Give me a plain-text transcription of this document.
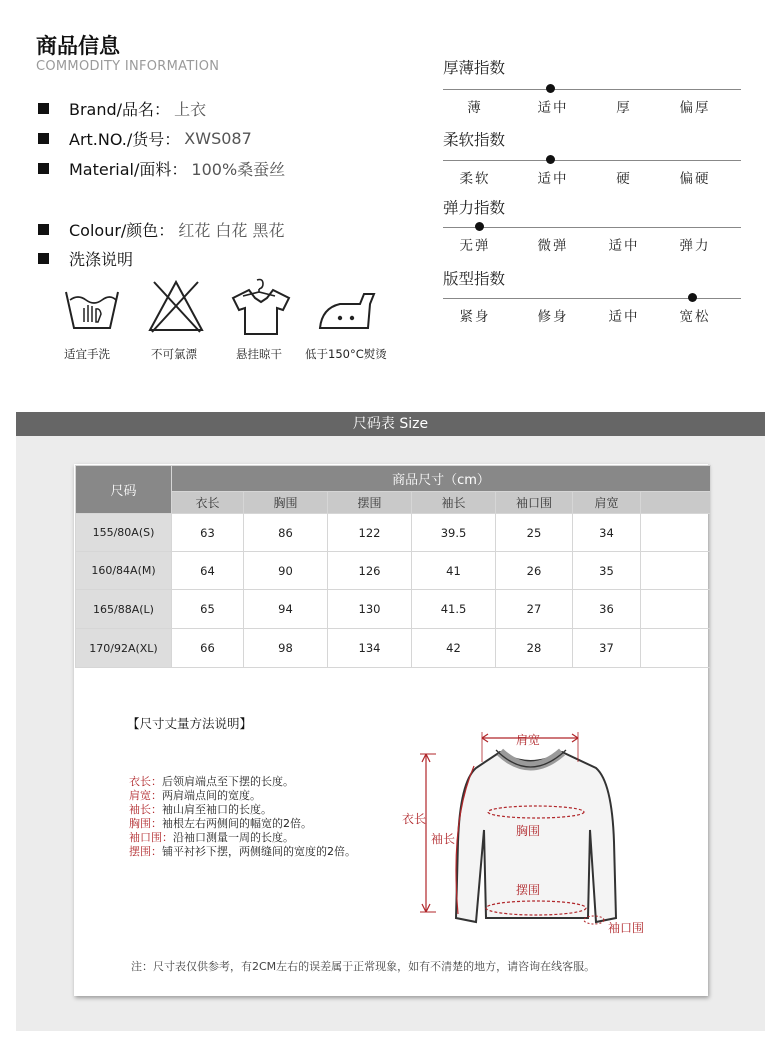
商品信息
COMMODITY INFORMATION
Brand/品名： 上衣
Art.NO./货号： XWS087
Material/面料： 100%桑蚕丝
Colour/颜色： 红花 白花 黑花
洗涤说明
适宜手洗	不可氯漂	悬挂晾干 低于150°C熨烫
厚薄指数
薄	适中	厚	偏厚
柔软指数
柔软	适中	硬	偏硬
弹力指数
无弹	微弹	适中	弹力
版型指数
紧身	修身	适中	宽松
尺码表 Size
尺码	商品尺寸（cm）						
	衣长	胸围	摆围	袖长	袖口围	肩宽	
155/80A(S)	63	86	122	39.5	25	34	
160/84A(M)	64	90	126	41	26	35	
165/88A(L)	65	94	130	41.5	27	36	
170/92A(XL)	66	98	134	42	28	37	
【尺寸丈量方法说明】
衣长：后领肩端点至下摆的长度。
肩宽：两肩端点间的宽度。
袖长：袖山肩至袖口的长度。
胸围：袖根左右两侧间的幅宽的2倍。
袖口围：沿袖口测量一周的长度。
摆围：铺平衬衫下摆，两侧缝间的宽度的2倍。
肩宽
衣长
袖长
胸围
摆围
袖口围
注：尺寸表仅供参考，有2CM左右的误差属于正常现象，如有不清楚的地方，请咨询在线客服。
